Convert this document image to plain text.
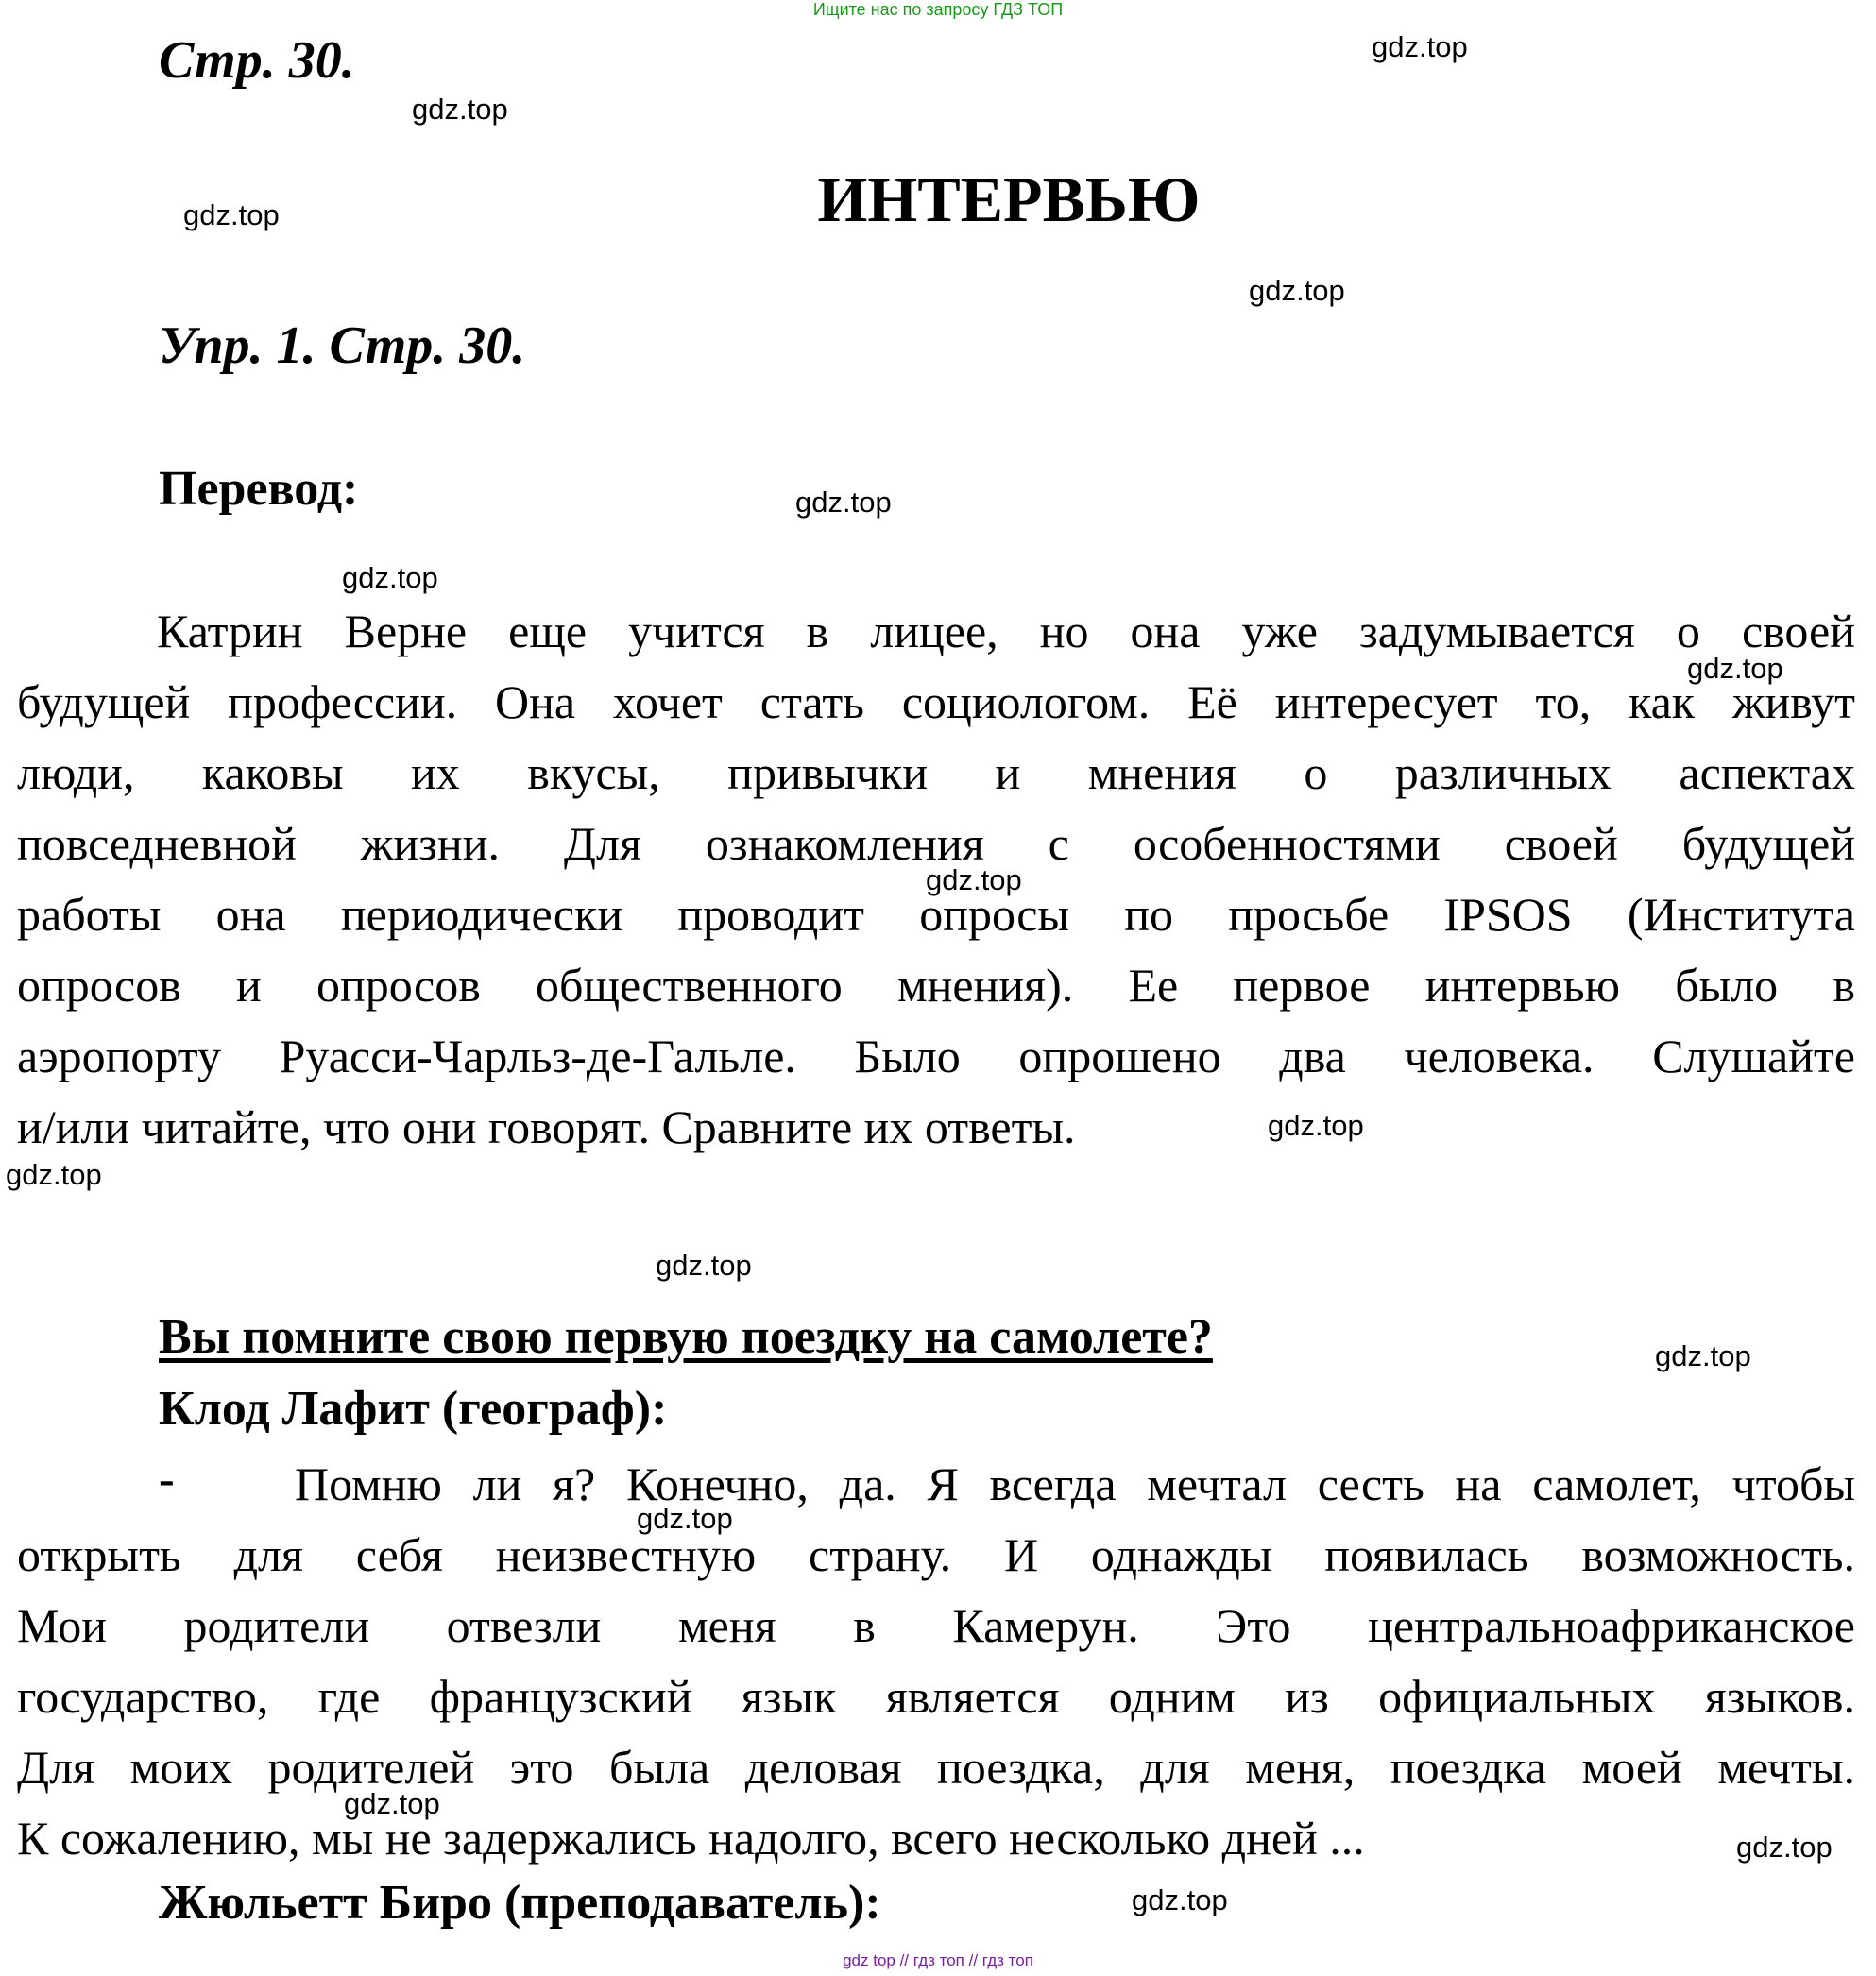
Ищите нас по запросу ГДЗ ТОП
Стр. 30.
ИНТЕРВЬЮ
Упр. 1. Стр. 30.
Перевод:
Катрин Верне еще учится в лицее, но она уже задумывается о своей
будущей профессии. Она хочет стать социологом. Её интересует то, как живут
люди, каковы их вкусы, привычки и мнения о различных аспектах
повседневной жизни. Для ознакомления с особенностями своей будущей
работы она периодически проводит опросы по просьбе IPSOS (Института
опросов и опросов общественного мнения). Ее первое интервью было в
аэропорту Руасси-Чарльз-де-Гальле. Было опрошено два человека. Слушайте
и/или читайте, что они говорят. Сравните их ответы.
Вы помните свою первую поездку на самолете?
Клод Лафит (географ):
-	Помню ли я? Конечно, да. Я всегда мечтал сесть на самолет, чтобы
открыть для себя неизвестную страну. И однажды появилась возможность.
Мои родители отвезли меня в Камерун. Это центральноафриканское
государство, где французский язык является одним из официальных языков.
Для моих родителей это была деловая поездка, для меня, поездка моей мечты.
К сожалению, мы не задержались надолго, всего несколько дней ...
Жюльетт Биро (преподаватель):
gdz.top
gdz.top
gdz.top
gdz.top
gdz.top
gdz.top
gdz.top
gdz.top
gdz.top
gdz.top
gdz.top
gdz.top
gdz.top
gdz.top
gdz.top
gdz.top
gdz top // гдз топ // гдз топ
